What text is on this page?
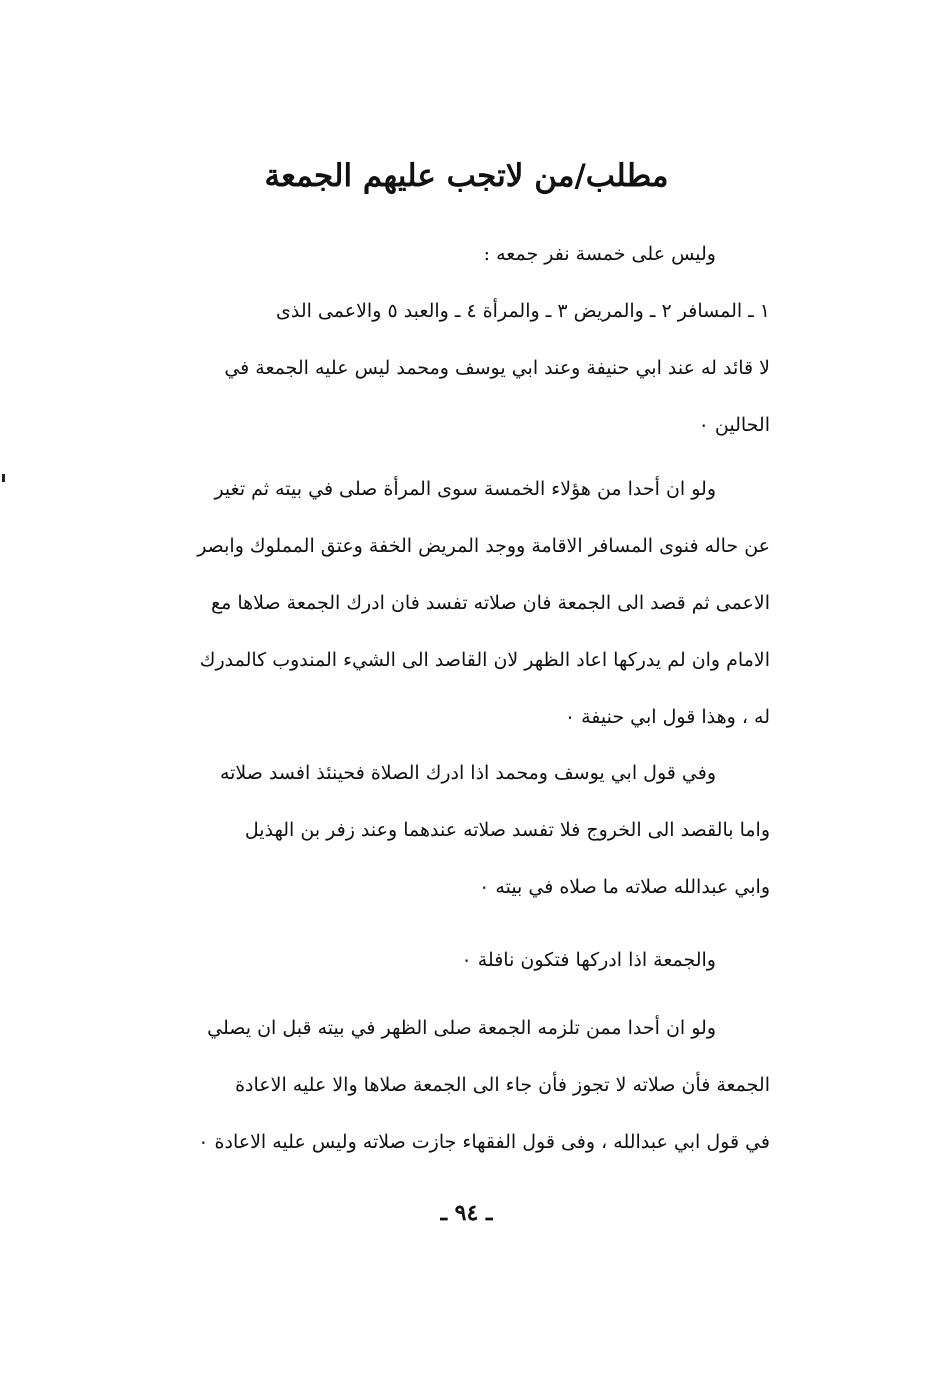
مطلب/من لاتجب عليهم الجمعة
وليس على خمسة نفر جمعه :
١ ـ المسافر ٢ ـ والمريض ٣ ـ والمرأة ٤ ـ والعبد ٥ والاعمى الذى
لا قائد له عند ابي حنيفة وعند ابي يوسف ومحمد ليس عليه الجمعة في
الحالين ٠
ولو ان أحدا من هؤلاء الخمسة سوى المرأة صلى في بيته ثم تغير
عن حاله فنوى المسافر الاقامة ووجد المريض الخفة وعتق المملوك وابصر
الاعمى ثم قصد الى الجمعة فان صلاته تفسد فان ادرك الجمعة صلاها مع
الامام وان لم يدركها اعاد الظهر لان القاصد الى الشيء المندوب كالمدرك
له ، وهذا قول ابي حنيفة ٠
وفي قول ابي يوسف ومحمد اذا ادرك الصلاة فحينئذ افسد صلاته
واما بالقصد الى الخروج فلا تفسد صلاته عندهما وعند زفر بن الهذيل
وابي عبدالله صلاته ما صلاه في بيته ٠
والجمعة اذا ادركها فتكون نافلة ٠
ولو ان أحدا ممن تلزمه الجمعة صلى الظهر في بيته قبل ان يصلي
الجمعة فأن صلاته لا تجوز فأن جاء الى الجمعة صلاها والا عليه الاعادة
في قول ابي عبدالله ، وفى قول الفقهاء جازت صلاته وليس عليه الاعادة ٠
ـ ٩٤ ـ
